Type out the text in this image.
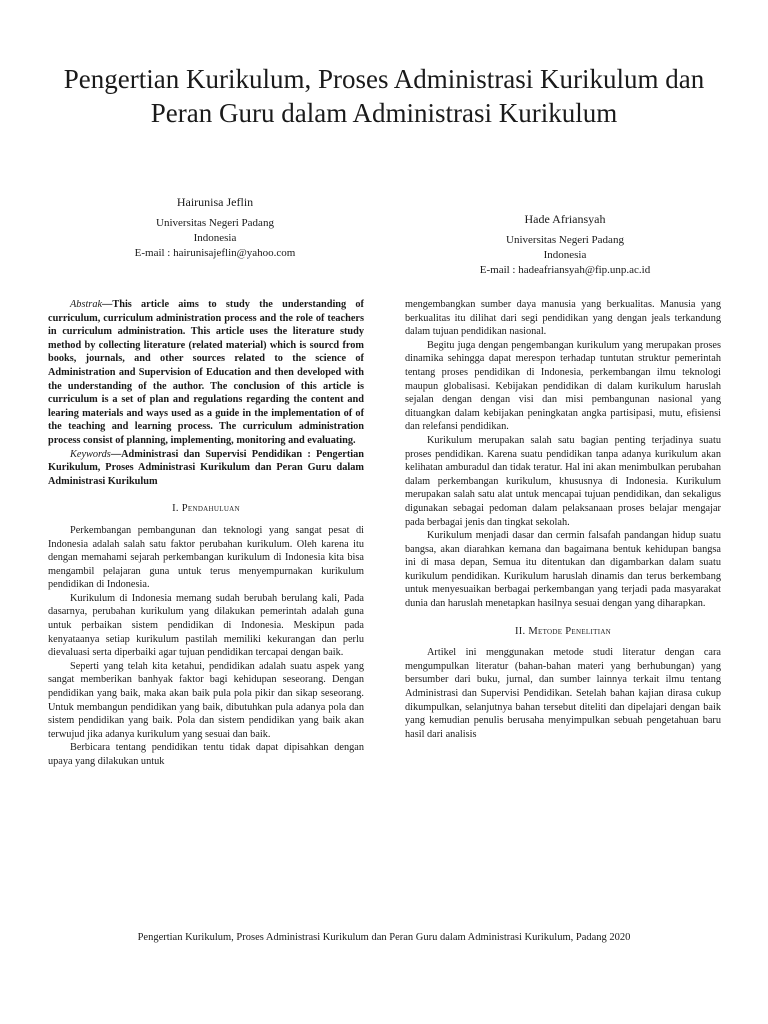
Pengertian Kurikulum, Proses Administrasi Kurikulum dan Peran Guru dalam Administrasi Kurikulum
Hairunisa Jeflin
Universitas Negeri Padang
Indonesia
E-mail : hairunisajeflin@yahoo.com
Hade Afriansyah
Universitas Negeri Padang
Indonesia
E-mail : hadeafriansyah@fip.unp.ac.id

Abstrak—This article aims to study the understanding of curriculum, curriculum administration process and the role of teachers in curriculum administration. This article uses the literature study method by collecting literature (related material) which is sourcd from books, journals, and other sources related to the science of Administration and Supervision of Education and then developed with the understanding of the author. The conclusion of this article is curriculum is a set of plan and regulations regarding the content and learing materials and ways used as a guide in the implementation of of the teaching and learning process. The curriculum administration process consist of planning, implementing, monitoring and evaluating.

Keywords—Administrasi dan Supervisi Pendidikan : Pengertian Kurikulum, Proses Administrasi Kurikulum dan Peran Guru dalam Administrasi Kurikulum

I. Pendahuluan

Perkembangan pembangunan dan teknologi yang sangat pesat di Indonesia adalah salah satu faktor perubahan kurikulum. Oleh karena itu dengan memahami sejarah perkembangan kurikulum di Indonesia kita bisa mengambil pelajaran guna untuk terus menyempurnakan kurikulum pendidikan di Indonesia.

Kurikulum di Indonesia memang sudah berubah berulang kali, Pada dasarnya, perubahan kurikulum yang dilakukan pemerintah adalah guna untuk perbaikan sistem pendidikan di Indonesia. Meskipun pada kenyataanya setiap kurikulum pastilah memiliki kekurangan dan perlu dievaluasi serta diperbaiki agar tujuan pendidikan tercapai dengan baik.

Seperti yang telah kita ketahui, pendidikan adalah suatu aspek yang sangat memberikan banhyak faktor bagi kehidupan seseorang. Dengan pendidikan yang baik, maka akan baik pula pola pikir dan sikap seseorang. Untuk membangun pendidikan yang baik, dibutuhkan pula adanya pola dan sistem pendidikan yang baik. Pola dan sistem pendidikan yang baik akan terwujud jika adanya kurikulum yang sesuai dan baik.

Berbicara tentang pendidikan tentu tidak dapat dipisahkan dengan upaya yang dilakukan untuk

mengembangkan sumber daya manusia yang berkualitas. Manusia yang berkualitas itu dilihat dari segi pendidikan yang dengan jeals terkandung dalam tujuan pendidikan nasional.

Begitu juga dengan pengembangan kurikulum yang merupakan proses dinamika sehingga dapat merespon terhadap tuntutan struktur pemerintah tentang proses pendidikan di Indonesia, perkembangan ilmu teknologi maupun globalisasi. Kebijakan pendidikan di dalam kurikulum haruslah sejalan dengan dengan visi dan misi pembangunan nasional yang dituangkan dalam kebijakan peningkatan angka partisipasi, mutu, efisiensi dan relefansi pendidikan.

Kurikulum merupakan salah satu bagian penting terjadinya suatu proses pendidikan. Karena suatu pendidikan tanpa adanya kurikulum akan kelihatan amburadul dan tidak teratur. Hal ini akan menimbulkan perubahan dalam perkembangan kurikulum, khususnya di Indonesia. Kurikulum merupakan salah satu alat untuk mencapai tujuan pendidikan, dan sekaligus digunakan sebagai pedoman dalam pelaksanaan proses belajar mengajar pada berbagai jenis dan tingkat sekolah.

Kurikulum menjadi dasar dan cermin falsafah pandangan hidup suatu bangsa, akan diarahkan kemana dan bagaimana bentuk kehidupan bangsa ini di masa depan, Semua itu ditentukan dan digambarkan dalam suatu kurikulum pendidikan. Kurikulum haruslah dinamis dan terus berkembang untuk menyesuaikan berbagai perkembangan yang terjadi pada masyarakat dunia dan haruslah menetapkan hasilnya sesuai dengan yang diharapkan.

II. Metode Penelitian

Artikel ini menggunakan metode studi literatur dengan cara mengumpulkan literatur (bahan-bahan materi yang berhubungan) yang bersumber dari buku, jurnal, dan sumber lainnya terkait ilmu tentang Administrasi dan Supervisi Pendidikan. Setelah bahan kajian dirasa cukup dikumpulkan, selanjutnya bahan tersebut diteliti dan dipelajari dengan baik yang kemudian penulis berusaha menyimpulkan sebuah pengetahuan baru hasil dari analisis

Pengertian Kurikulum, Proses Administrasi Kurikulum dan Peran Guru dalam Administrasi Kurikulum, Padang 2020
